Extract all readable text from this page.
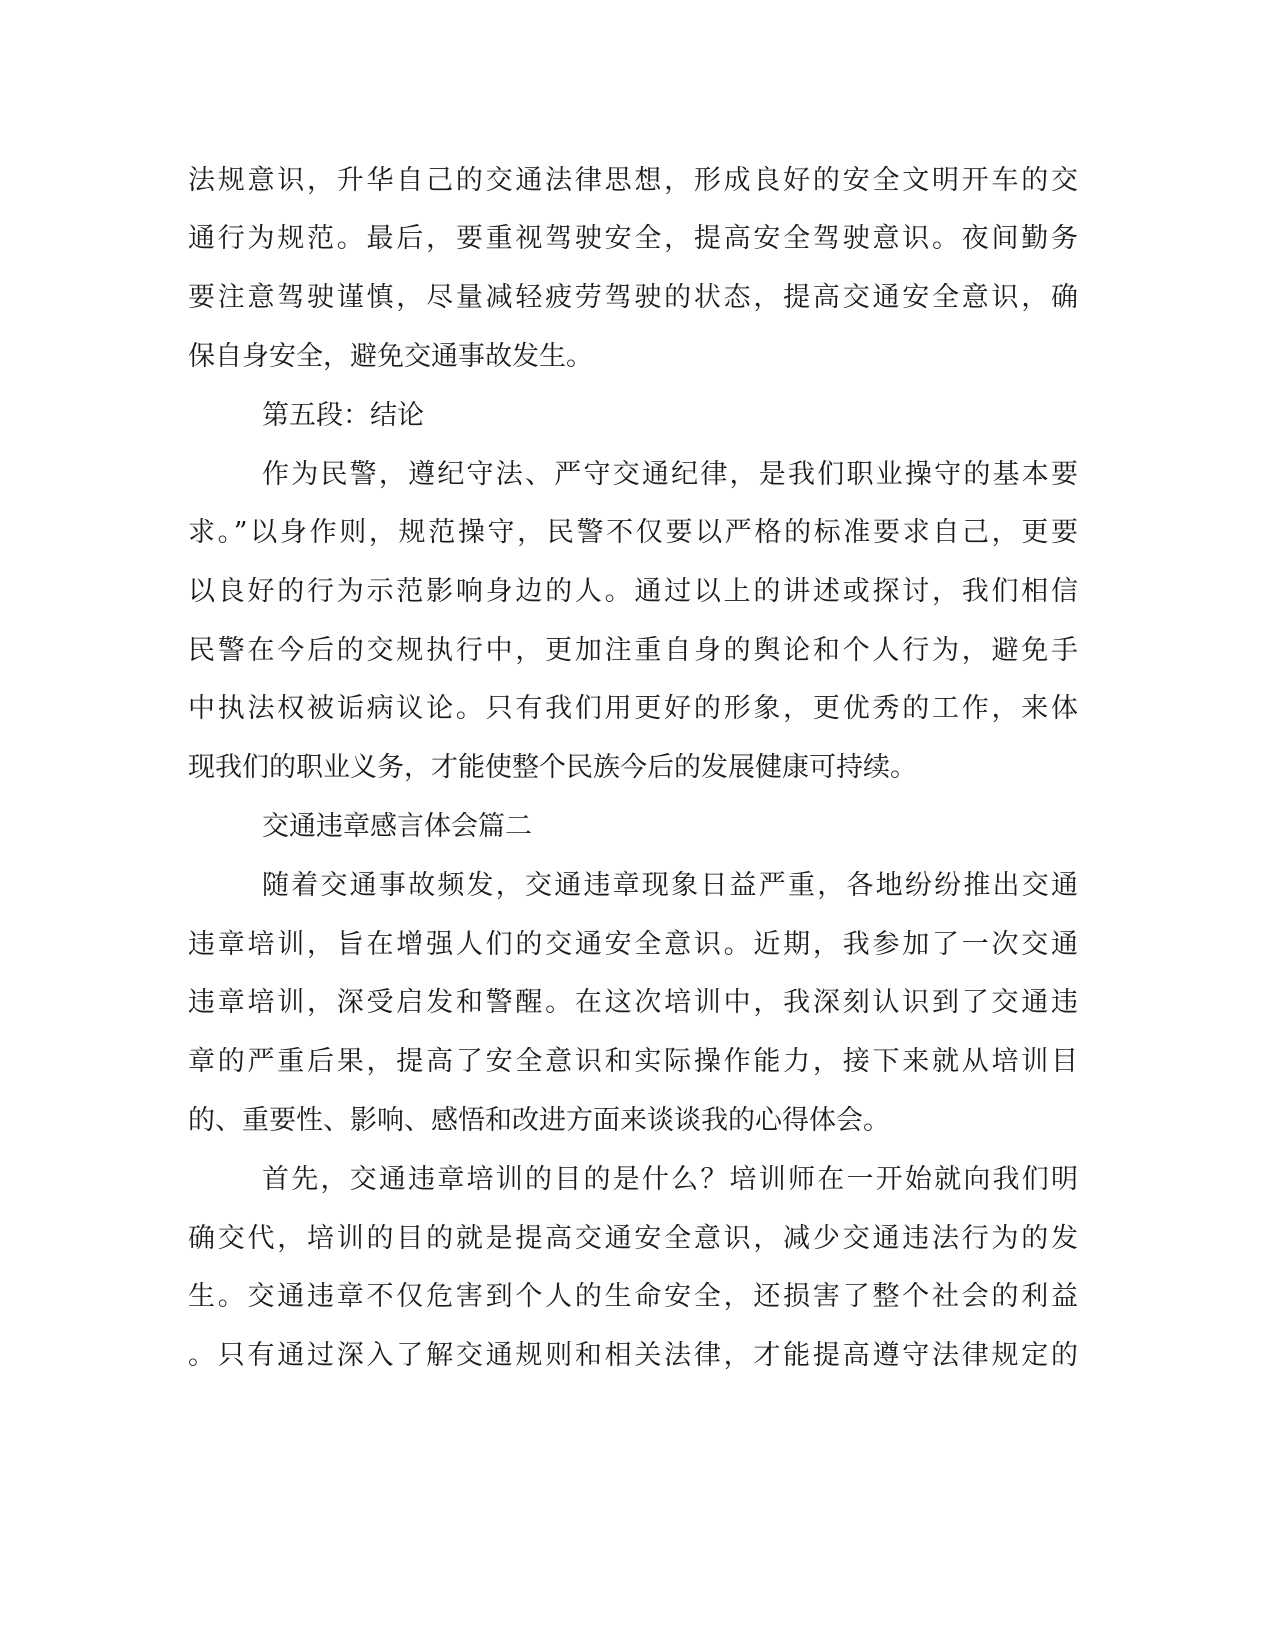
法规意识，升华自己的交通法律思想，形成良好的安全文明开车的交
通行为规范。最后，要重视驾驶安全，提高安全驾驶意识。夜间勤务
要注意驾驶谨慎，尽量减轻疲劳驾驶的状态，提高交通安全意识，确
保自身安全，避免交通事故发生。
第五段：结论
作为民警，遵纪守法、严守交通纪律，是我们职业操守的基本要
求。”以身作则，规范操守，民警不仅要以严格的标准要求自己，更要
以良好的行为示范影响身边的人。通过以上的讲述或探讨，我们相信
民警在今后的交规执行中，更加注重自身的舆论和个人行为，避免手
中执法权被诟病议论。只有我们用更好的形象，更优秀的工作，来体
现我们的职业义务，才能使整个民族今后的发展健康可持续。
交通违章感言体会篇二
随着交通事故频发，交通违章现象日益严重，各地纷纷推出交通
违章培训，旨在增强人们的交通安全意识。近期，我参加了一次交通
违章培训，深受启发和警醒。在这次培训中，我深刻认识到了交通违
章的严重后果，提高了安全意识和实际操作能力，接下来就从培训目
的、重要性、影响、感悟和改进方面来谈谈我的心得体会。
首先，交通违章培训的目的是什么？培训师在一开始就向我们明
确交代，培训的目的就是提高交通安全意识，减少交通违法行为的发
生。交通违章不仅危害到个人的生命安全，还损害了整个社会的利益
。只有通过深入了解交通规则和相关法律，才能提高遵守法律规定的
